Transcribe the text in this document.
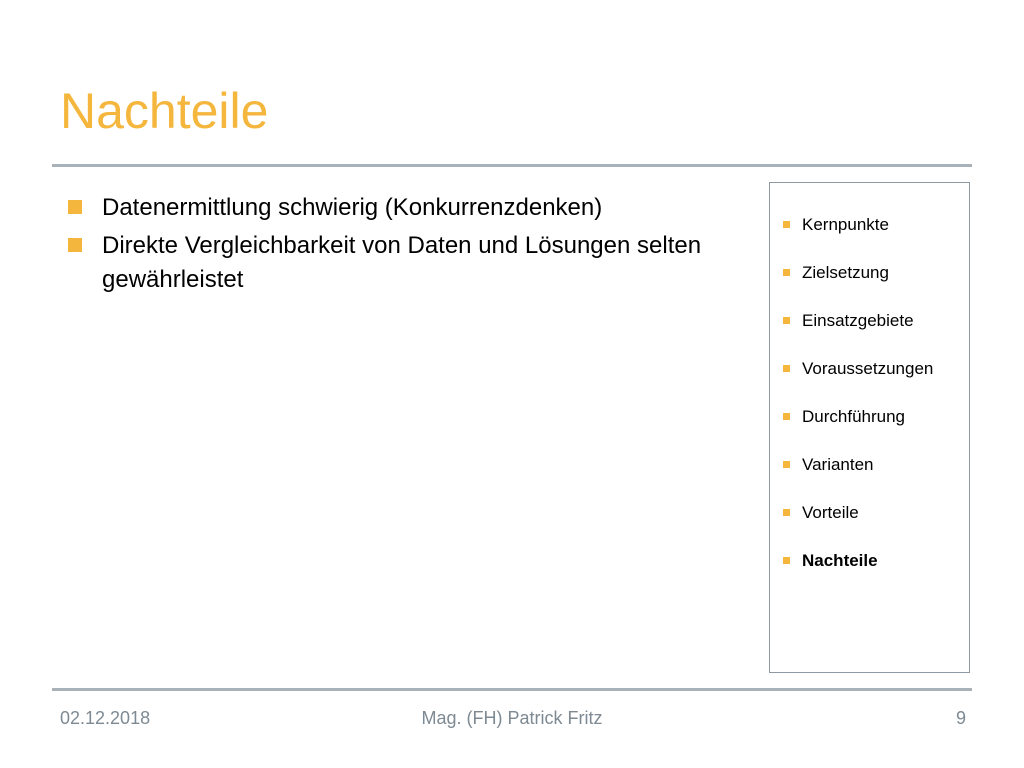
Nachteile
Datenermittlung schwierig (Konkurrenzdenken)
Direkte Vergleichbarkeit von Daten und Lösungen selten gewährleistet
Kernpunkte
Zielsetzung
Einsatzgebiete
Voraussetzungen
Durchführung
Varianten
Vorteile
Nachteile
02.12.2018	Mag. (FH) Patrick Fritz	9
